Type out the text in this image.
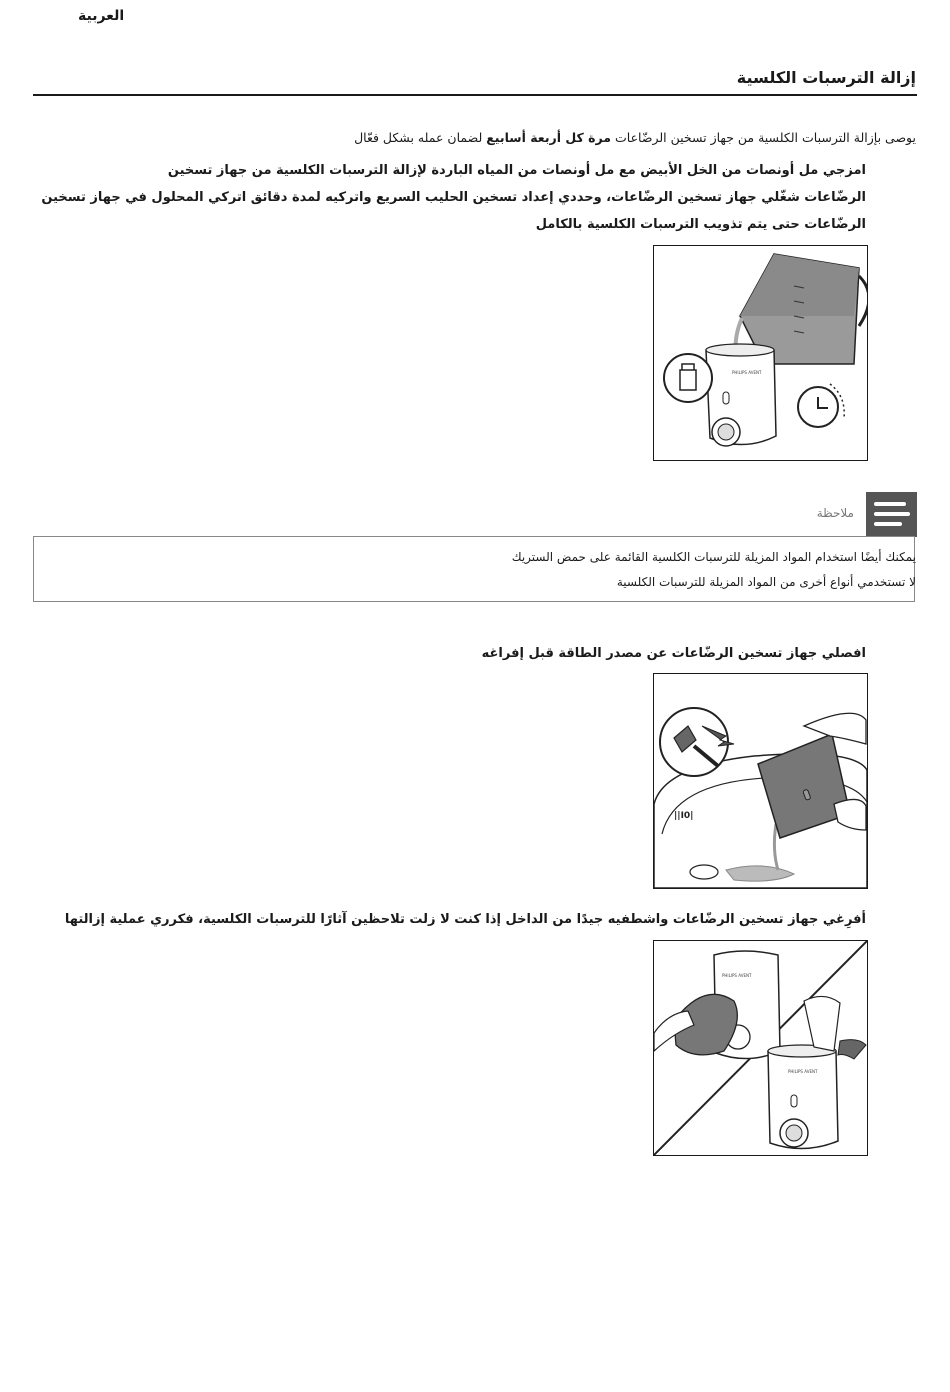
العربية
إزالة الترسبات الكلسية
يوصى بإزالة الترسبات الكلسية من جهاز تسخين الرضّاعات مرة كل أربعة أسابيع لضمان عمله بشكل فعّال
امزجي مل أونصات من الخل الأبيض مع مل أونصات من المياه الباردة لإزالة الترسبات الكلسية من جهاز تسخين
الرضّاعات شغّلي جهاز تسخين الرضّاعات، وحددي إعداد تسخين الحليب السريع واتركيه لمدة دقائق اتركي المحلول في جهاز تسخين
الرضّاعات حتى يتم تذويب الترسبات الكلسية بالكامل
PHILIPS AVENT
ملاحظة
يمكنك أيضًا استخدام المواد المزيلة للترسبات الكلسية القائمة على حمض الستريك
لا تستخدمي أنواع أخرى من المواد المزيلة للترسبات الكلسية
افصلي جهاز تسخين الرضّاعات عن مصدر الطاقة قبل إفراغه
||I0|
أفرِغي جهاز تسخين الرضّاعات واشطفيه جيدًا من الداخل إذا كنت لا زلت تلاحظين آثارًا للترسبات الكلسية، فكرري عملية إزالتها
PHILIPS AVENT
PHILIPS AVENT
